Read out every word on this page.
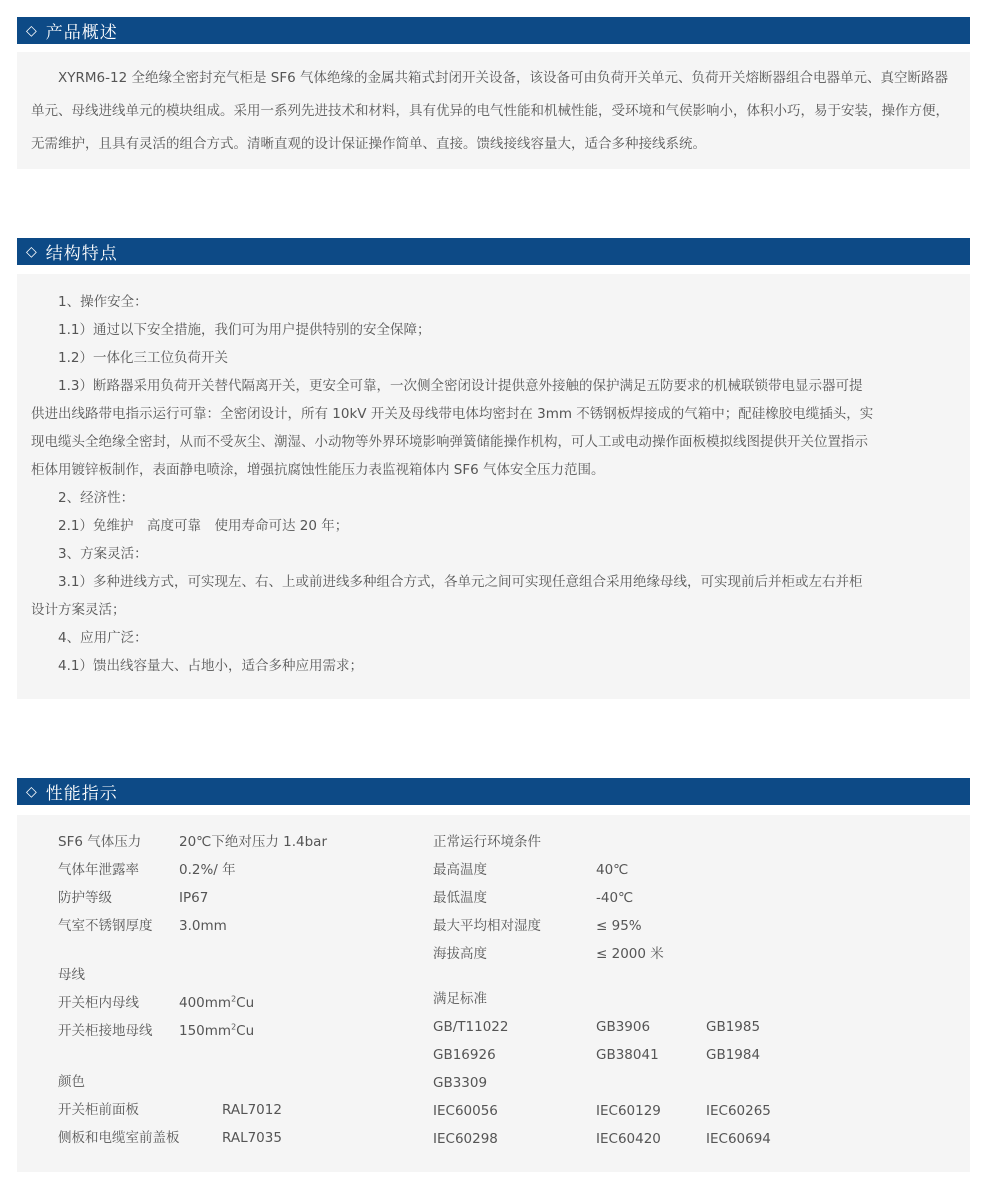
◇ 产品概述
XYRM6-12 全绝缘全密封充气柜是 SF6 气体绝缘的金属共箱式封闭开关设备，该设备可由负荷开关单元、负荷开关熔断器组合电器单元、真空断路器单元、母线进线单元的模块组成。采用一系列先进技术和材料，具有优异的电气性能和机械性能，受环境和气侯影响小，体积小巧，易于安装，操作方便，无需维护，且具有灵活的组合方式。清晰直观的设计保证操作简单、直接。馈线接线容量大，适合多种接线系统。
◇ 结构特点
1、操作安全：
1.1）通过以下安全措施，我们可为用户提供特别的安全保障；
1.2）一体化三工位负荷开关
1.3）断路器采用负荷开关替代隔离开关，更安全可靠，一次侧全密闭设计提供意外接触的保护满足五防要求的机械联锁带电显示器可提
供进出线路带电指示运行可靠：全密闭设计，所有 10kV 开关及母线带电体均密封在 3mm 不锈钢板焊接成的气箱中；配硅橡胶电缆插头，实
现电缆头全绝缘全密封，从而不受灰尘、潮湿、小动物等外界环境影响弹簧储能操作机构，可人工或电动操作面板模拟线图提供开关位置指示
柜体用镀锌板制作，表面静电喷涂，增强抗腐蚀性能压力表监视箱体内 SF6 气体安全压力范围。
2、经济性：
2.1）免维护　高度可靠　使用寿命可达 20 年；
3、方案灵活：
3.1）多种进线方式，可实现左、右、上或前进线多种组合方式，各单元之间可实现任意组合采用绝缘母线，可实现前后并柜或左右并柜
设计方案灵活；
4、应用广泛：
4.1）馈出线容量大、占地小，适合多种应用需求；
◇ 性能指示
SF6 气体压力	20℃下绝对压力 1.4bar
气体年泄露率	0.2%/ 年
防护等级	IP67
气室不锈钢厚度 3.0mm
母线
开关柜内母线	$400mm^2Cu$
开关柜接地母线 $150mm^2Cu$
颜色
开关柜前面板	RAL7012
侧板和电缆室前盖板	RAL7035
正常运行环境条件
最高温度	40℃
最低温度	-40℃
最大平均相对湿度	≤ 95%
海拔高度	≤ 2000 米
满足标准
GB/T11022	GB3906	GB1985
GB16926	GB38041	GB1984
GB3309
IEC60056	IEC60129	IEC60265
IEC60298	IEC60420	IEC60694
